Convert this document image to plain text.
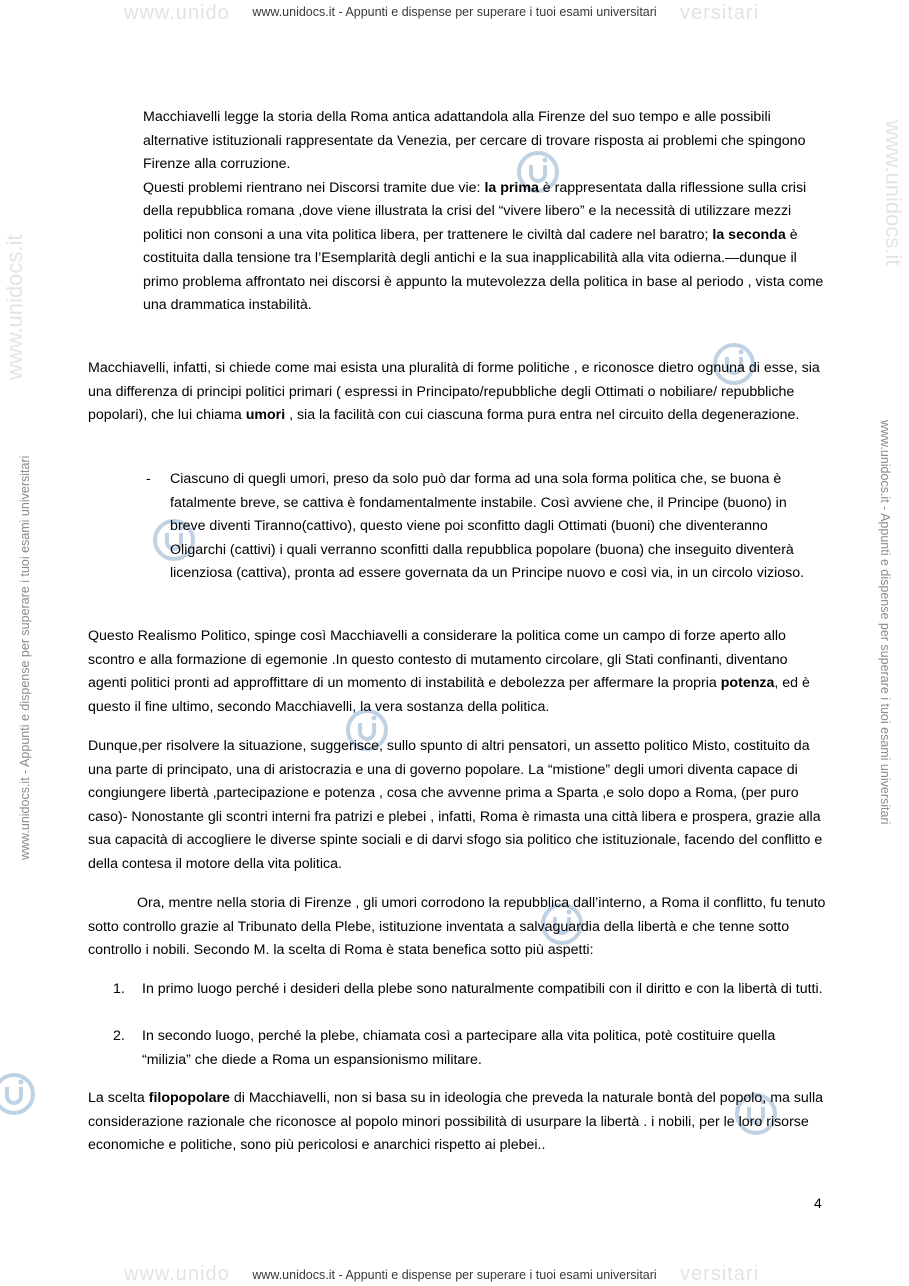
www.unido	versitari
www.unidocs.it - Appunti e dispense per superare i tuoi esami universitari
www.unido	versitari
www.unidocs.it - Appunti e dispense per superare i tuoi esami universitari
www.unidocs.it - Appunti e dispense per superare i tuoi esami universitari	www.unidocs.it - Appunti e dispense per superare i tuoi esami universitari
www.unidocs.it
www.unidocs.it

Macchiavelli legge la storia della Roma antica adattandola alla Firenze del suo tempo e alle possibili alternative istituzionali rappresentate da Venezia, per cercare di trovare risposta ai problemi che spingono Firenze alla corruzione.

Questi problemi rientrano nei Discorsi tramite due vie: la prima è rappresentata dalla riflessione sulla crisi della repubblica romana ,dove viene illustrata la crisi del “vivere libero” e la necessità di utilizzare mezzi politici non consoni a una vita politica libera, per trattenere le civiltà dal cadere nel baratro; la seconda è costituita dalla tensione tra l’Esemplarità degli antichi e la sua inapplicabilità alla vita odierna.—dunque il primo problema affrontato nei discorsi è appunto la mutevolezza della politica in base al periodo , vista come una drammatica instabilità.

Macchiavelli, infatti, si chiede come mai esista una pluralità di forme politiche , e riconosce dietro ognuna di esse, sia una differenza di principi politici primari ( espressi in Principato/repubbliche degli Ottimati o nobiliare/ repubbliche popolari), che lui chiama umori , sia la facilità con cui ciascuna forma pura entra nel circuito della degenerazione.

- Ciascuno di quegli umori, preso da solo può dar forma ad una sola forma politica che, se buona è fatalmente breve, se cattiva è fondamentalmente instabile. Così avviene che, il Principe (buono) in breve diventi Tiranno(cattivo), questo viene poi sconfitto dagli Ottimati (buoni) che diventeranno Oligarchi (cattivi) i quali verranno sconfitti dalla repubblica popolare (buona) che inseguito diventerà licenziosa (cattiva), pronta ad essere governata da un Principe nuovo e così via, in un circolo vizioso.

Questo Realismo Politico, spinge così Macchiavelli a considerare la politica come un campo di forze aperto allo scontro e alla formazione di egemonie .In questo contesto di mutamento circolare, gli Stati confinanti, diventano agenti politici pronti ad approffittare di un momento di instabilità e debolezza per affermare la propria potenza, ed è questo il fine ultimo, secondo Macchiavelli, la vera sostanza della politica.

Dunque,per risolvere la situazione, suggerisce, sullo spunto di altri pensatori, un assetto politico Misto, costituito da una parte di principato, una di aristocrazia e una di governo popolare. La “mistione” degli umori diventa capace di congiungere libertà ,partecipazione e potenza , cosa che avvenne prima a Sparta ,e solo dopo a Roma, (per puro caso)- Nonostante gli scontri interni fra patrizi e plebei , infatti, Roma è rimasta una città libera e prospera, grazie alla sua capacità di accogliere le diverse spinte sociali e di darvi sfogo sia politico che istituzionale, facendo del conflitto e della contesa il motore della vita politica.

Ora, mentre nella storia di Firenze , gli umori corrodono la repubblica dall’interno, a Roma il conflitto, fu tenuto sotto controllo grazie al Tribunato della Plebe, istituzione inventata a salvaguardia della libertà e che tenne sotto controllo i nobili. Secondo M. la scelta di Roma è stata benefica sotto più aspetti:

1. In primo luogo perché i desideri della plebe sono naturalmente compatibili con il diritto e con la libertà di tutti.
2. In secondo luogo, perché la plebe, chiamata così a partecipare alla vita politica, potè costituire quella “milizia” che diede a Roma un espansionismo militare.

La scelta filopopolare di Macchiavelli, non si basa su in ideologia che preveda la naturale bontà del popolo, ma sulla considerazione razionale che riconosce al popolo minori possibilità di usurpare la libertà . i nobili, per le loro risorse economiche e politiche, sono più pericolosi e anarchici rispetto ai plebei..

4
